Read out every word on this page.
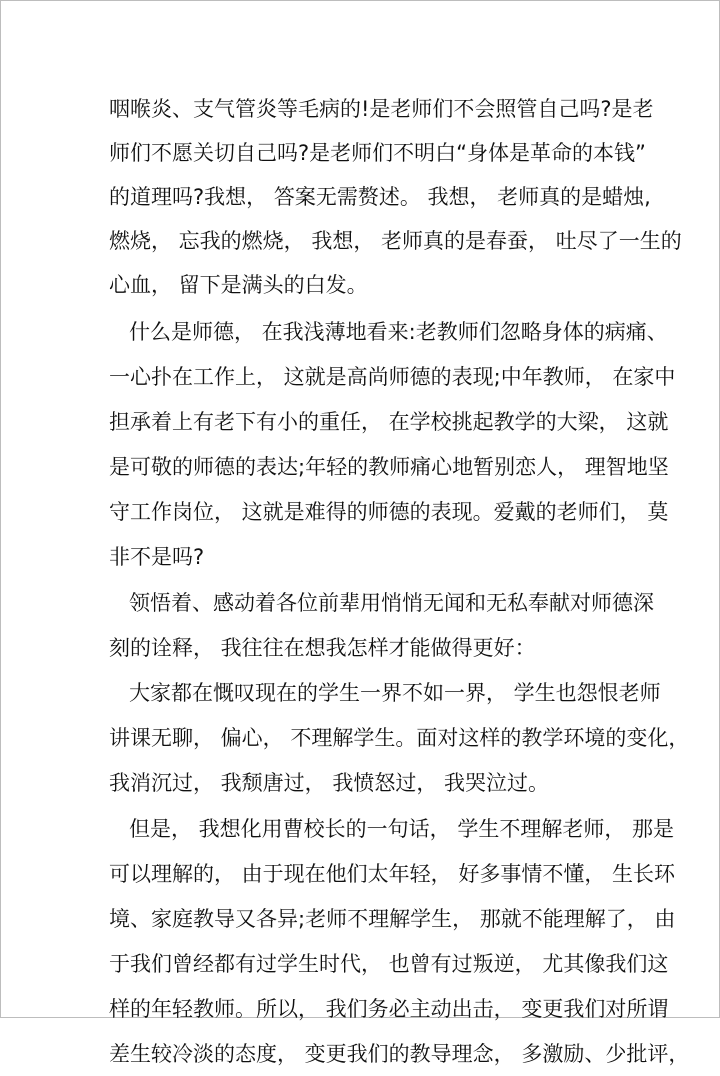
咽喉炎、支气管炎等毛病的!是老师们不会照管自己吗?是老
师们不愿关切自己吗?是老师们不明白“身体是革命的本钱”
的道理吗?我想， 答案无需赘述。 我想， 老师真的是蜡烛,
燃烧， 忘我的燃烧， 我想， 老师真的是春蚕， 吐尽了一生的
心血， 留下是满头的白发。
什么是师德， 在我浅薄地看来:老教师们忽略身体的病痛、
一心扑在工作上， 这就是高尚师德的表现;中年教师， 在家中
担承着上有老下有小的重任， 在学校挑起教学的大梁， 这就
是可敬的师德的表达;年轻的教师痛心地暂别恋人， 理智地坚
守工作岗位， 这就是难得的师德的表现。爱戴的老师们， 莫
非不是吗?
领悟着、感动着各位前辈用悄悄无闻和无私奉献对师德深
刻的诠释， 我往往在想我怎样才能做得更好：
大家都在慨叹现在的学生一界不如一界， 学生也怨恨老师
讲课无聊， 偏心， 不理解学生。面对这样的教学环境的变化，
我消沉过， 我颓唐过， 我愤怒过， 我哭泣过。
但是， 我想化用曹校长的一句话， 学生不理解老师， 那是
可以理解的， 由于现在他们太年轻， 好多事情不懂， 生长环
境、家庭教导又各异;老师不理解学生， 那就不能理解了， 由
于我们曾经都有过学生时代， 也曾有过叛逆， 尤其像我们这
样的年轻教师。所以， 我们务必主动出击， 变更我们对所谓
差生较冷淡的态度， 变更我们的教导理念， 多激励、少批评，
